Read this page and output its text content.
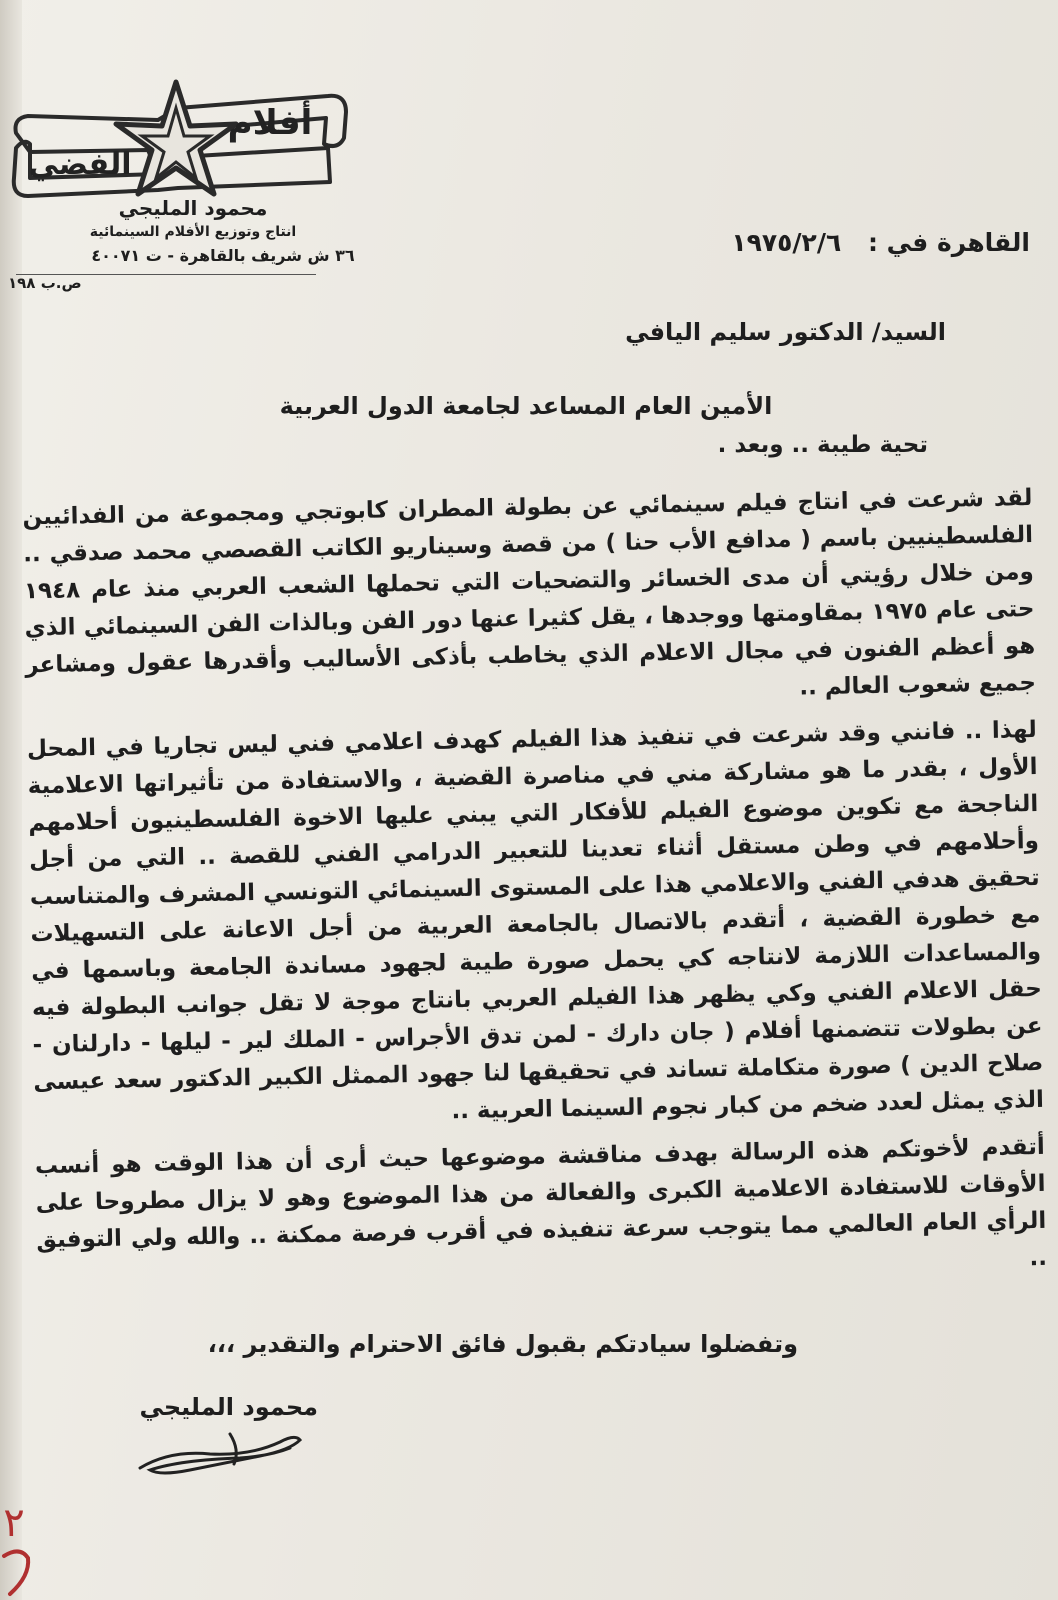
أفلام
الفضي
محمود المليجي
انتاج وتوزيع الأفلام السينمائية
٣٦ ش شريف بالقاهرة - ت ٤٠٠٧١
ص.ب ١٩٨
القاهرة في : ١٩٧٥/٢/٦
السيد/ الدكتور سليم اليافي
الأمين العام المساعد لجامعة الدول العربية
تحية طيبة .. وبعد .

لقد شرعت في انتاج فيلم سينمائي عن بطولة المطران كابوتجي ومجموعة من الفدائيين الفلسطينيين باسم ( مدافع الأب حنا ) من قصة وسيناريو الكاتب القصصي محمد صدقي .. ومن خلال رؤيتي أن مدى الخسائر والتضحيات التي تحملها الشعب العربي منذ عام ١٩٤٨ حتى عام ١٩٧٥ بمقاومتها ووجدها ، يقل كثيرا عنها دور الفن وبالذات الفن السينمائي الذي هو أعظم الفنون في مجال الاعلام الذي يخاطب بأذكى الأساليب وأقدرها عقول ومشاعر جميع شعوب العالم ..

لهذا .. فانني وقد شرعت في تنفيذ هذا الفيلم كهدف اعلامي فني ليس تجاريا في المحل الأول ، بقدر ما هو مشاركة مني في مناصرة القضية ، والاستفادة من تأثيراتها الاعلامية الناجحة مع تكوين موضوع الفيلم للأفكار التي يبني عليها الاخوة الفلسطينيون أحلامهم وأحلامهم في وطن مستقل أثناء تعدينا للتعبير الدرامي الفني للقصة .. التي من أجل تحقيق هدفي الفني والاعلامي هذا على المستوى السينمائي التونسي المشرف والمتناسب مع خطورة القضية ، أتقدم بالاتصال بالجامعة العربية من أجل الاعانة على التسهيلات والمساعدات اللازمة لانتاجه كي يحمل صورة طيبة لجهود مساندة الجامعة وباسمها في حقل الاعلام الفني وكي يظهر هذا الفيلم العربي بانتاج موجة لا تقل جوانب البطولة فيه عن بطولات تتضمنها أفلام ( جان دارك - لمن تدق الأجراس - الملك لير - ليلها - دارلنان - صلاح الدين ) صورة متكاملة تساند في تحقيقها لنا جهود الممثل الكبير الدكتور سعد عيسى الذي يمثل لعدد ضخم من كبار نجوم السينما العربية ..

أتقدم لأخوتكم هذه الرسالة بهدف مناقشة موضوعها حيث أرى أن هذا الوقت هو أنسب الأوقات للاستفادة الاعلامية الكبرى والفعالة من هذا الموضوع وهو لا يزال مطروحا على الرأي العام العالمي مما يتوجب سرعة تنفيذه في أقرب فرصة ممكنة .. والله ولي التوفيق ..

وتفضلوا سيادتكم بقبول فائق الاحترام والتقدير ،،،
محمود المليجي
٢
